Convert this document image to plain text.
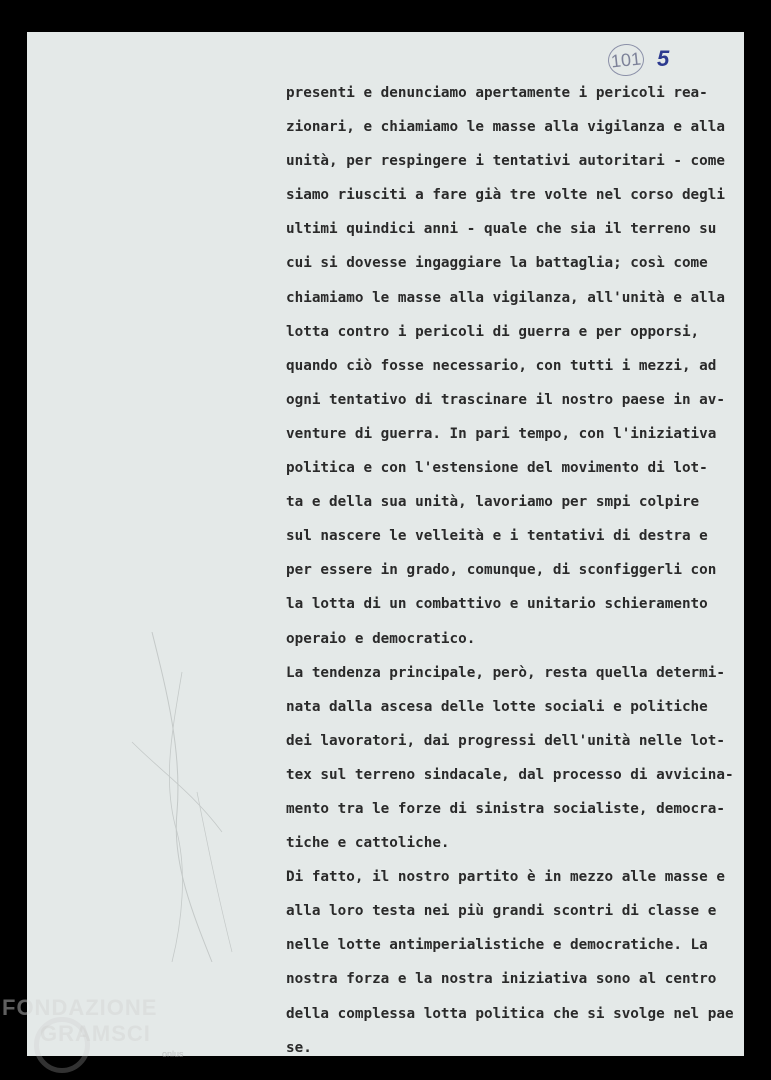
101 5
presenti e denunciamo apertamente i pericoli rea-
zionari, e chiamiamo le masse alla vigilanza e alla
unità, per respingere i tentativi autoritari - come
siamo riusciti a fare già tre volte nel corso degli
ultimi quindici anni - quale che sia il terreno su
cui si dovesse ingaggiare la battaglia; così come
chiamiamo le masse alla vigilanza, all'unità e alla
lotta contro i pericoli di guerra e per opporsi,
quando ciò fosse necessario, con tutti i mezzi, ad
ogni tentativo di trascinare il nostro paese in av-
venture di guerra. In pari tempo, con l'iniziativa
politica e con l'estensione del movimento di lot-
ta e della sua unità, lavoriamo per smpi colpire
sul nascere le velleità e i tentativi di destra e
per essere in grado, comunque, di sconfiggerli con
la lotta di un combattivo e unitario schieramento
operaio e democratico.
La tendenza principale, però, resta quella determi-
nata dalla ascesa delle lotte sociali e politiche
dei lavoratori, dai progressi dell'unità nelle lot-
tex sul terreno sindacale, dal processo di avvicina-
mento tra le forze di sinistra socialiste, democra-
tiche e cattoliche.
Di fatto, il nostro partito è in mezzo alle masse e
alla loro testa nei più grandi scontri di classe e
nelle lotte antimperialistiche e democratiche. La
nostra forza e la nostra iniziativa sono al centro
della complessa lotta politica che si svolge nel pae
se.
FONDAZIONE
GRAMSCI
onlus
